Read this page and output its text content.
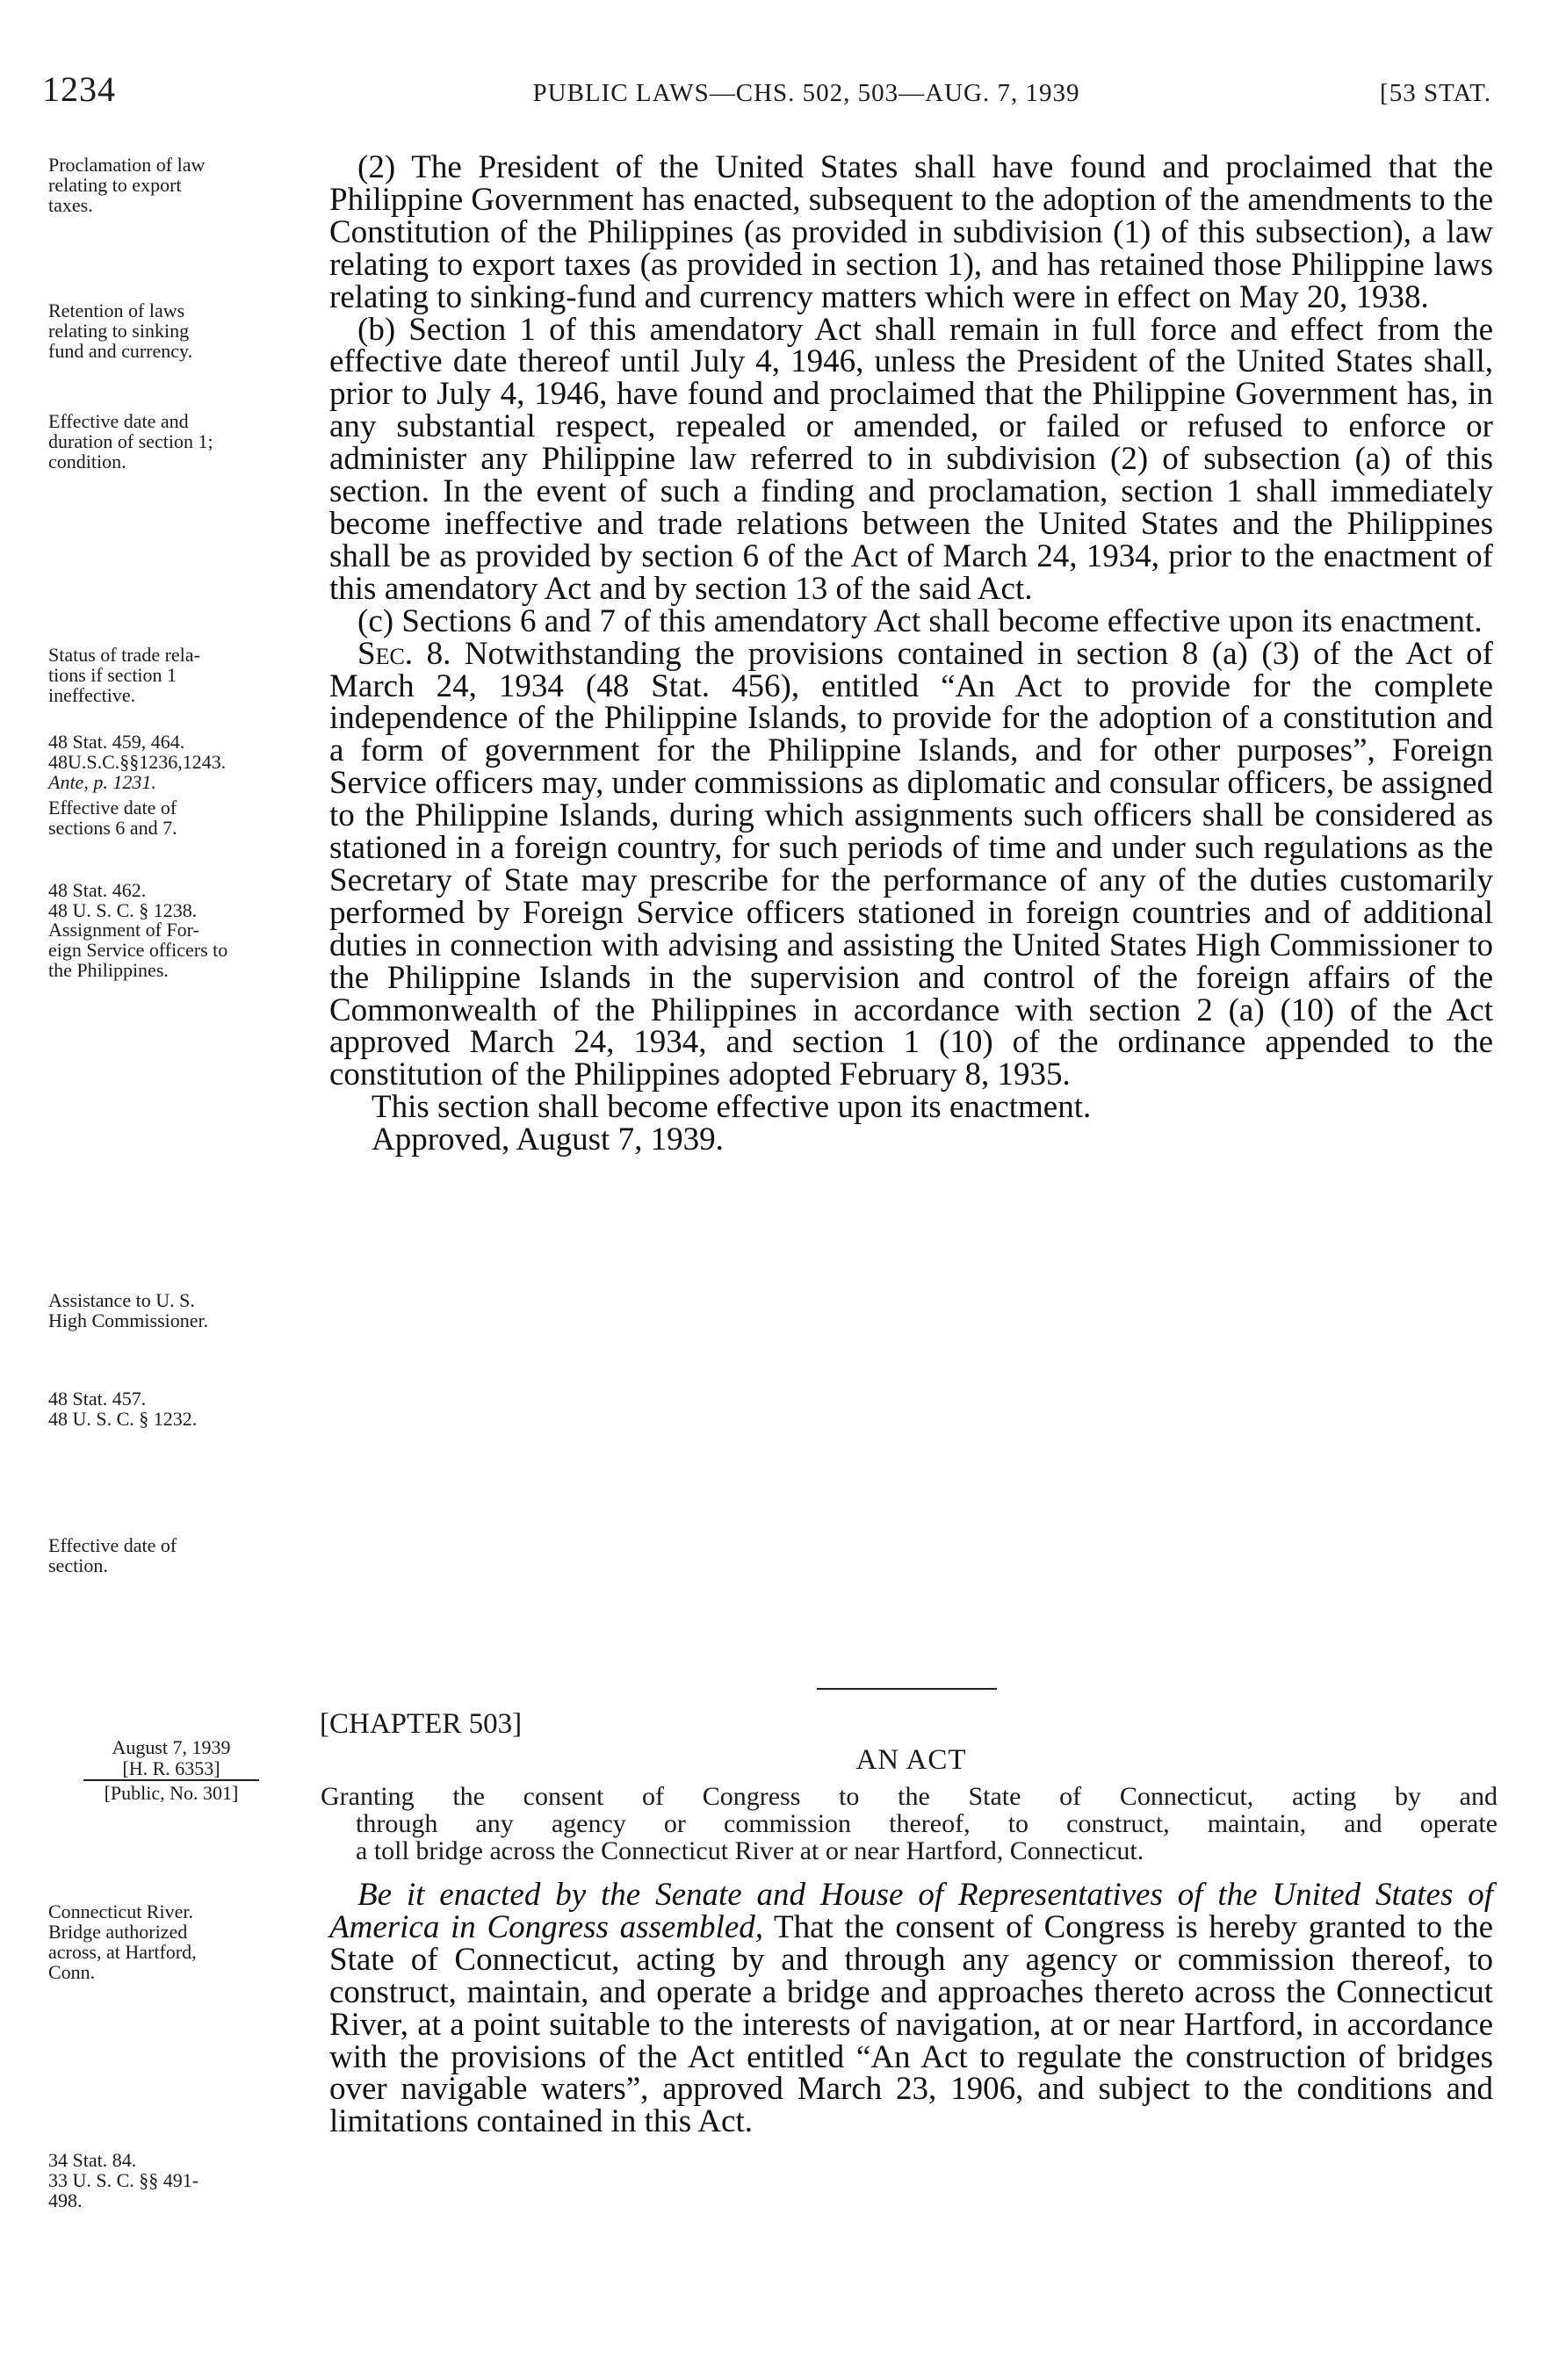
1234	PUBLIC LAWS—CHS. 502, 503—AUG. 7, 1939	[53 STAT.
Proclamation of law
relating to export
taxes.
Retention of laws
relating to sinking
fund and currency.
Effective date and
duration of section 1;
condition.
Status of trade rela-
tions if section 1
ineffective.
48 Stat. 459, 464.
48U.S.C.§§1236,1243.
Ante, p. 1231.
Effective date of
sections 6 and 7.
48 Stat. 462.
48 U. S. C. § 1238.
Assignment of For-
eign Service officers to
the Philippines.
Assistance to U. S.
High Commissioner.
48 Stat. 457.
48 U. S. C. § 1232.
Effective date of
section.
Connecticut River.
Bridge authorized
across, at Hartford,
Conn.
34 Stat. 84.
33 U. S. C. §§ 491-
498.

(2) The President of the United States shall have found and proclaimed that the Philippine Government has enacted, subsequent to the adoption of the amendments to the Constitution of the Philippines (as provided in subdivision (1) of this subsection), a law relating to export taxes (as provided in section 1), and has retained those Philippine laws relating to sinking-fund and currency matters which were in effect on May 20, 1938.

(b) Section 1 of this amendatory Act shall remain in full force and effect from the effective date thereof until July 4, 1946, unless the President of the United States shall, prior to July 4, 1946, have found and proclaimed that the Philippine Government has, in any substantial respect, repealed or amended, or failed or refused to enforce or administer any Philippine law referred to in subdivision (2) of subsection (a) of this section. In the event of such a finding and proclamation, section 1 shall immediately become ineffective and trade relations between the United States and the Philippines shall be as provided by section 6 of the Act of March 24, 1934, prior to the enactment of this amendatory Act and by section 13 of the said Act.

(c) Sections 6 and 7 of this amendatory Act shall become effective upon its enactment.

Sec. 8. Notwithstanding the provisions contained in section 8 (a) (3) of the Act of March 24, 1934 (48 Stat. 456), entitled “An Act to provide for the complete independence of the Philippine Islands, to provide for the adoption of a constitution and a form of government for the Philippine Islands, and for other purposes”, Foreign Service officers may, under commissions as diplomatic and consular officers, be assigned to the Philippine Islands, during which assignments such officers shall be considered as stationed in a foreign country, for such periods of time and under such regulations as the Secretary of State may prescribe for the performance of any of the duties customarily performed by Foreign Service officers stationed in foreign countries and of additional duties in connection with advising and assisting the United States High Commissioner to the Philippine Islands in the supervision and control of the foreign affairs of the Commonwealth of the Philippines in accordance with section 2 (a) (10) of the Act approved March 24, 1934, and section 1 (10) of the ordinance appended to the constitution of the Philippines adopted February 8, 1935.

This section shall become effective upon its enactment.

Approved, August 7, 1939.

[CHAPTER 503]
AN ACT
August 7, 1939
[H. R. 6353]
[Public, No. 301]	Granting the consent of Congress to the State of Connecticut, acting by and
through any agency or commission thereof, to construct, maintain, and operate
a toll bridge across the Connecticut River at or near Hartford, Connecticut.

Be it enacted by the Senate and House of Representatives of the United States of America in Congress assembled, That the consent of Congress is hereby granted to the State of Connecticut, acting by and through any agency or commission thereof, to construct, maintain, and operate a bridge and approaches thereto across the Connecticut River, at a point suitable to the interests of navigation, at or near Hartford, in accordance with the provisions of the Act entitled “An Act to regulate the construction of bridges over navigable waters”, approved March 23, 1906, and subject to the conditions and limitations contained in this Act.
